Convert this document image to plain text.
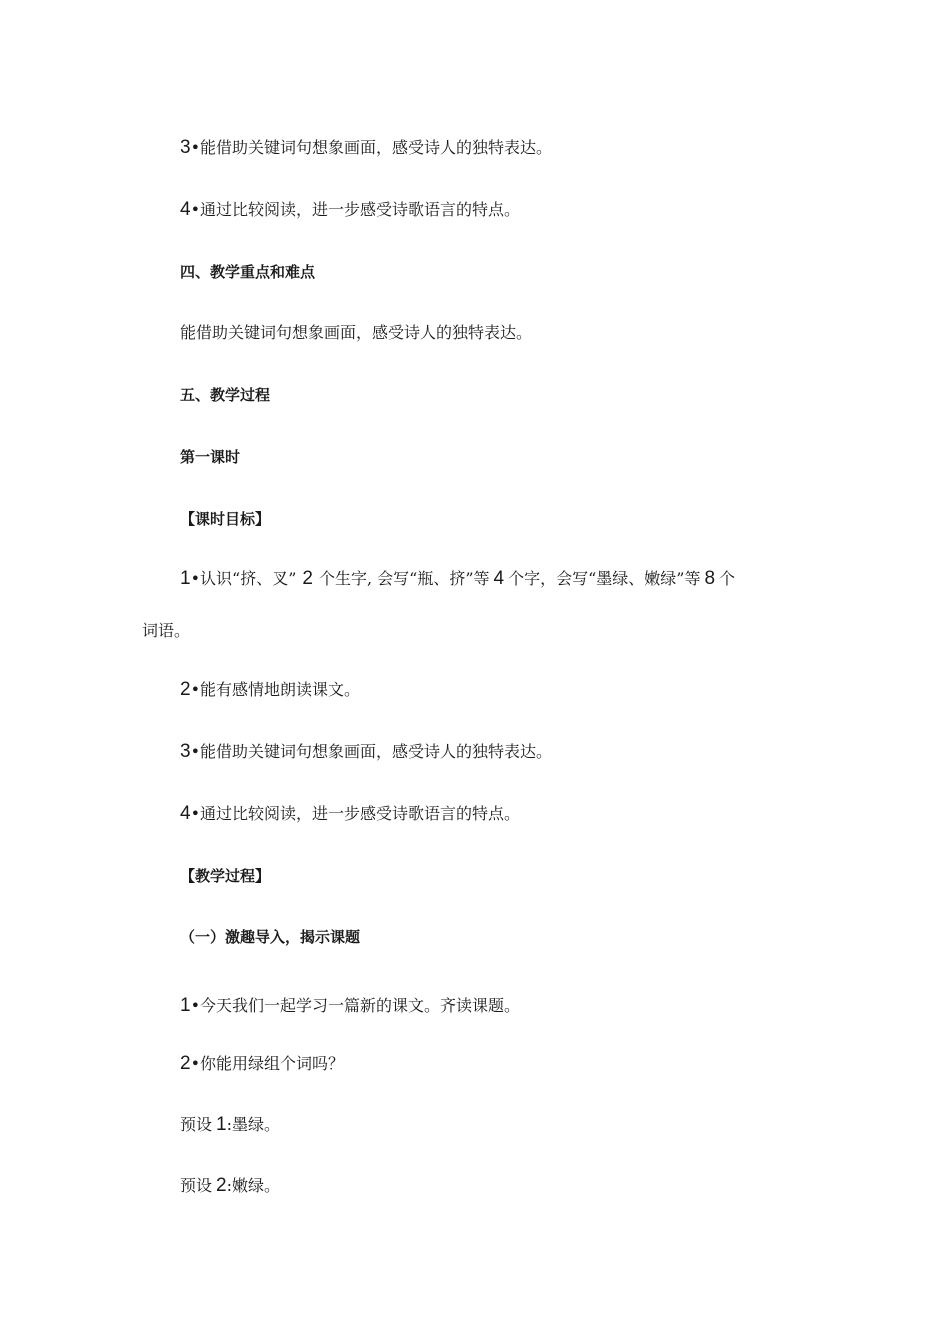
3•能借助关键词句想象画面，感受诗人的独特表达。
4•通过比较阅读，进一步感受诗歌语言的特点。
四、教学重点和难点
能借助关键词句想象画面，感受诗人的独特表达。
五、教学过程
第一课时
【课时目标】
1•认识“挤、叉” 2 个生字, 会写“瓶、挤”等 4 个字，会写“墨绿、嫩绿”等 8 个
词语。
2•能有感情地朗读课文。
3•能借助关键词句想象画面，感受诗人的独特表达。
4•通过比较阅读，进一步感受诗歌语言的特点。
【教学过程】
（一）激趣导入，揭示课题
1•今天我们一起学习一篇新的课文。齐读课题。
2•你能用绿组个词吗？
预设 1:墨绿。
预设 2:嫩绿。
